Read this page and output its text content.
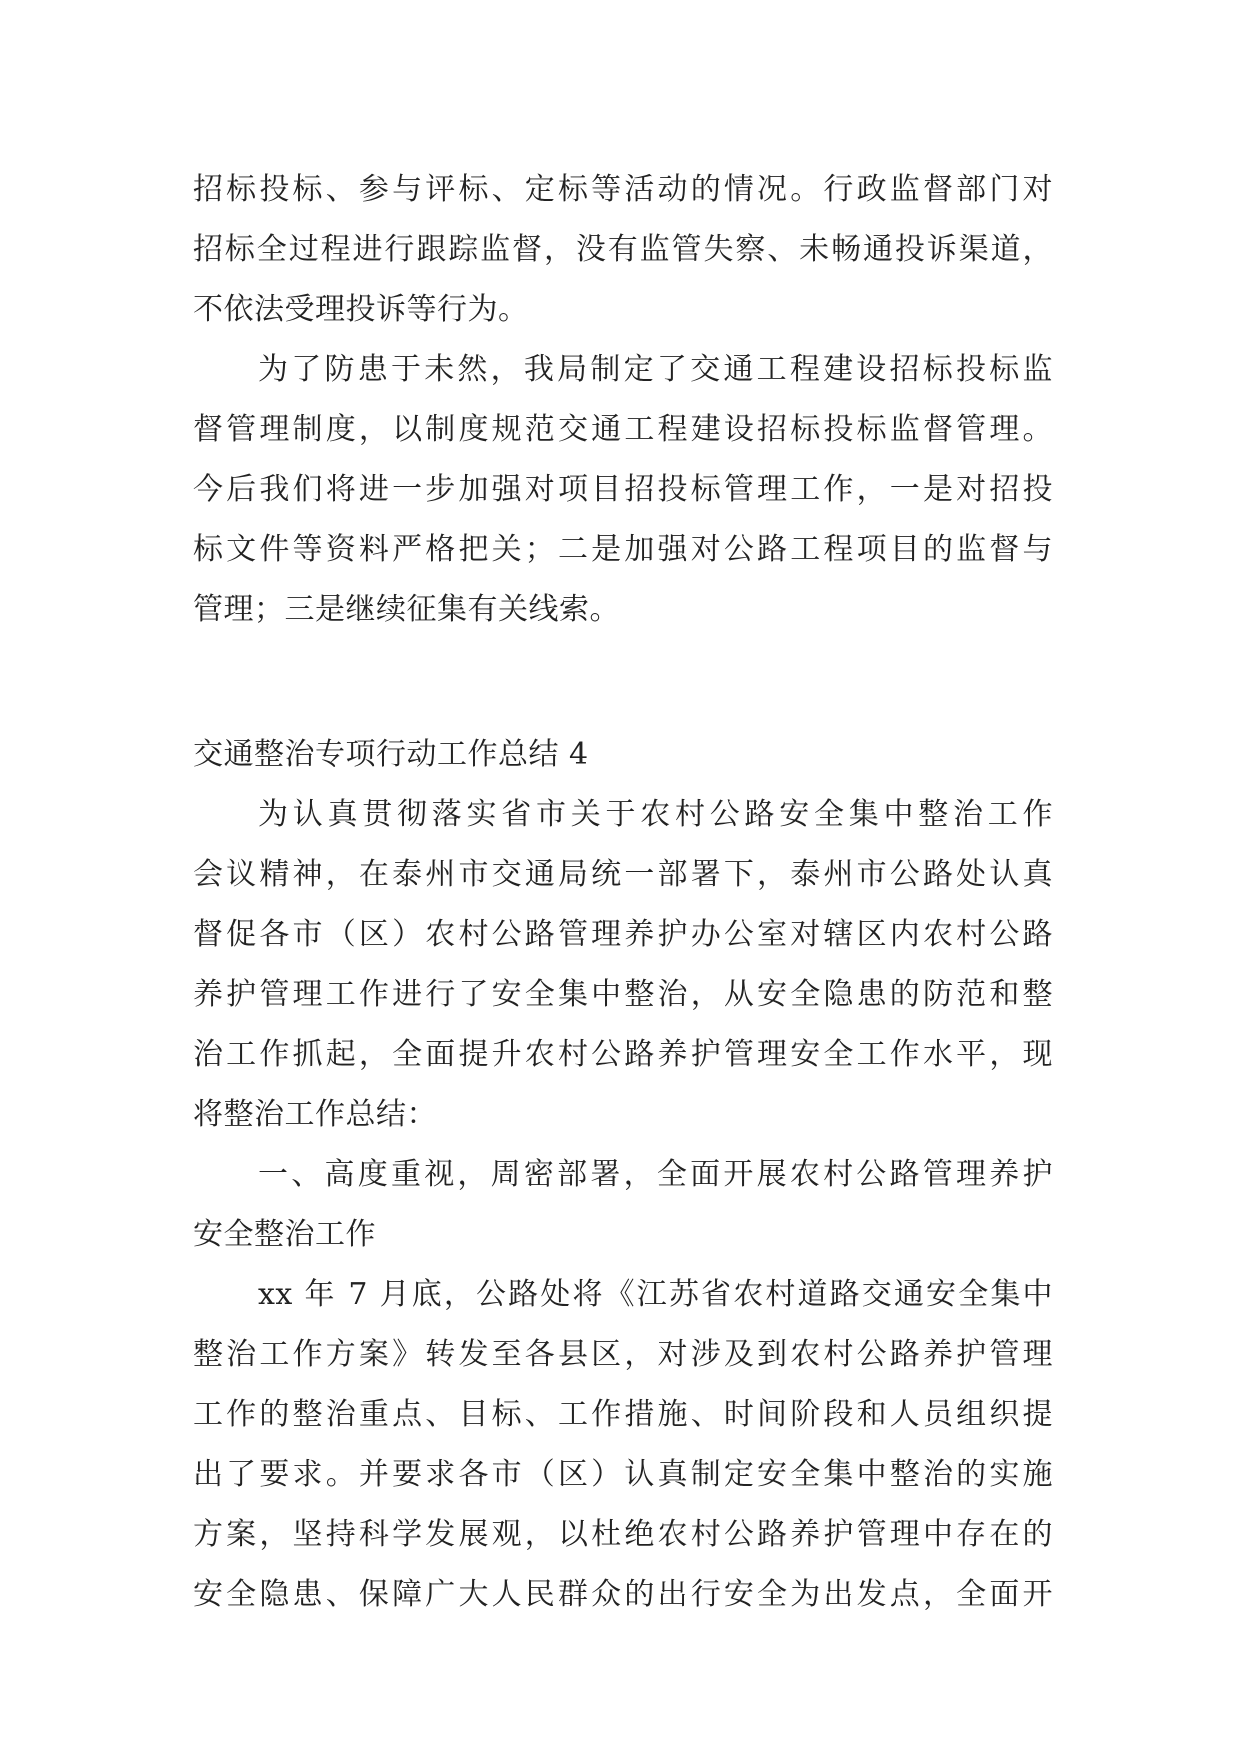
招标投标、参与评标、定标等活动的情况。行政监督部门对
招标全过程进行跟踪监督，没有监管失察、未畅通投诉渠道，
不依法受理投诉等行为。
为了防患于未然，我局制定了交通工程建设招标投标监
督管理制度，以制度规范交通工程建设招标投标监督管理。
今后我们将进一步加强对项目招投标管理工作，一是对招投
标文件等资料严格把关；二是加强对公路工程项目的监督与
管理；三是继续征集有关线索。
交通整治专项行动工作总结 4
为认真贯彻落实省市关于农村公路安全集中整治工作
会议精神，在泰州市交通局统一部署下，泰州市公路处认真
督促各市（区）农村公路管理养护办公室对辖区内农村公路
养护管理工作进行了安全集中整治，从安全隐患的防范和整
治工作抓起，全面提升农村公路养护管理安全工作水平，现
将整治工作总结：
一、高度重视，周密部署，全面开展农村公路管理养护
安全整治工作
xx 年 7 月底，公路处将《江苏省农村道路交通安全集中
整治工作方案》转发至各县区，对涉及到农村公路养护管理
工作的整治重点、目标、工作措施、时间阶段和人员组织提
出了要求。并要求各市（区）认真制定安全集中整治的实施
方案，坚持科学发展观，以杜绝农村公路养护管理中存在的
安全隐患、保障广大人民群众的出行安全为出发点，全面开
